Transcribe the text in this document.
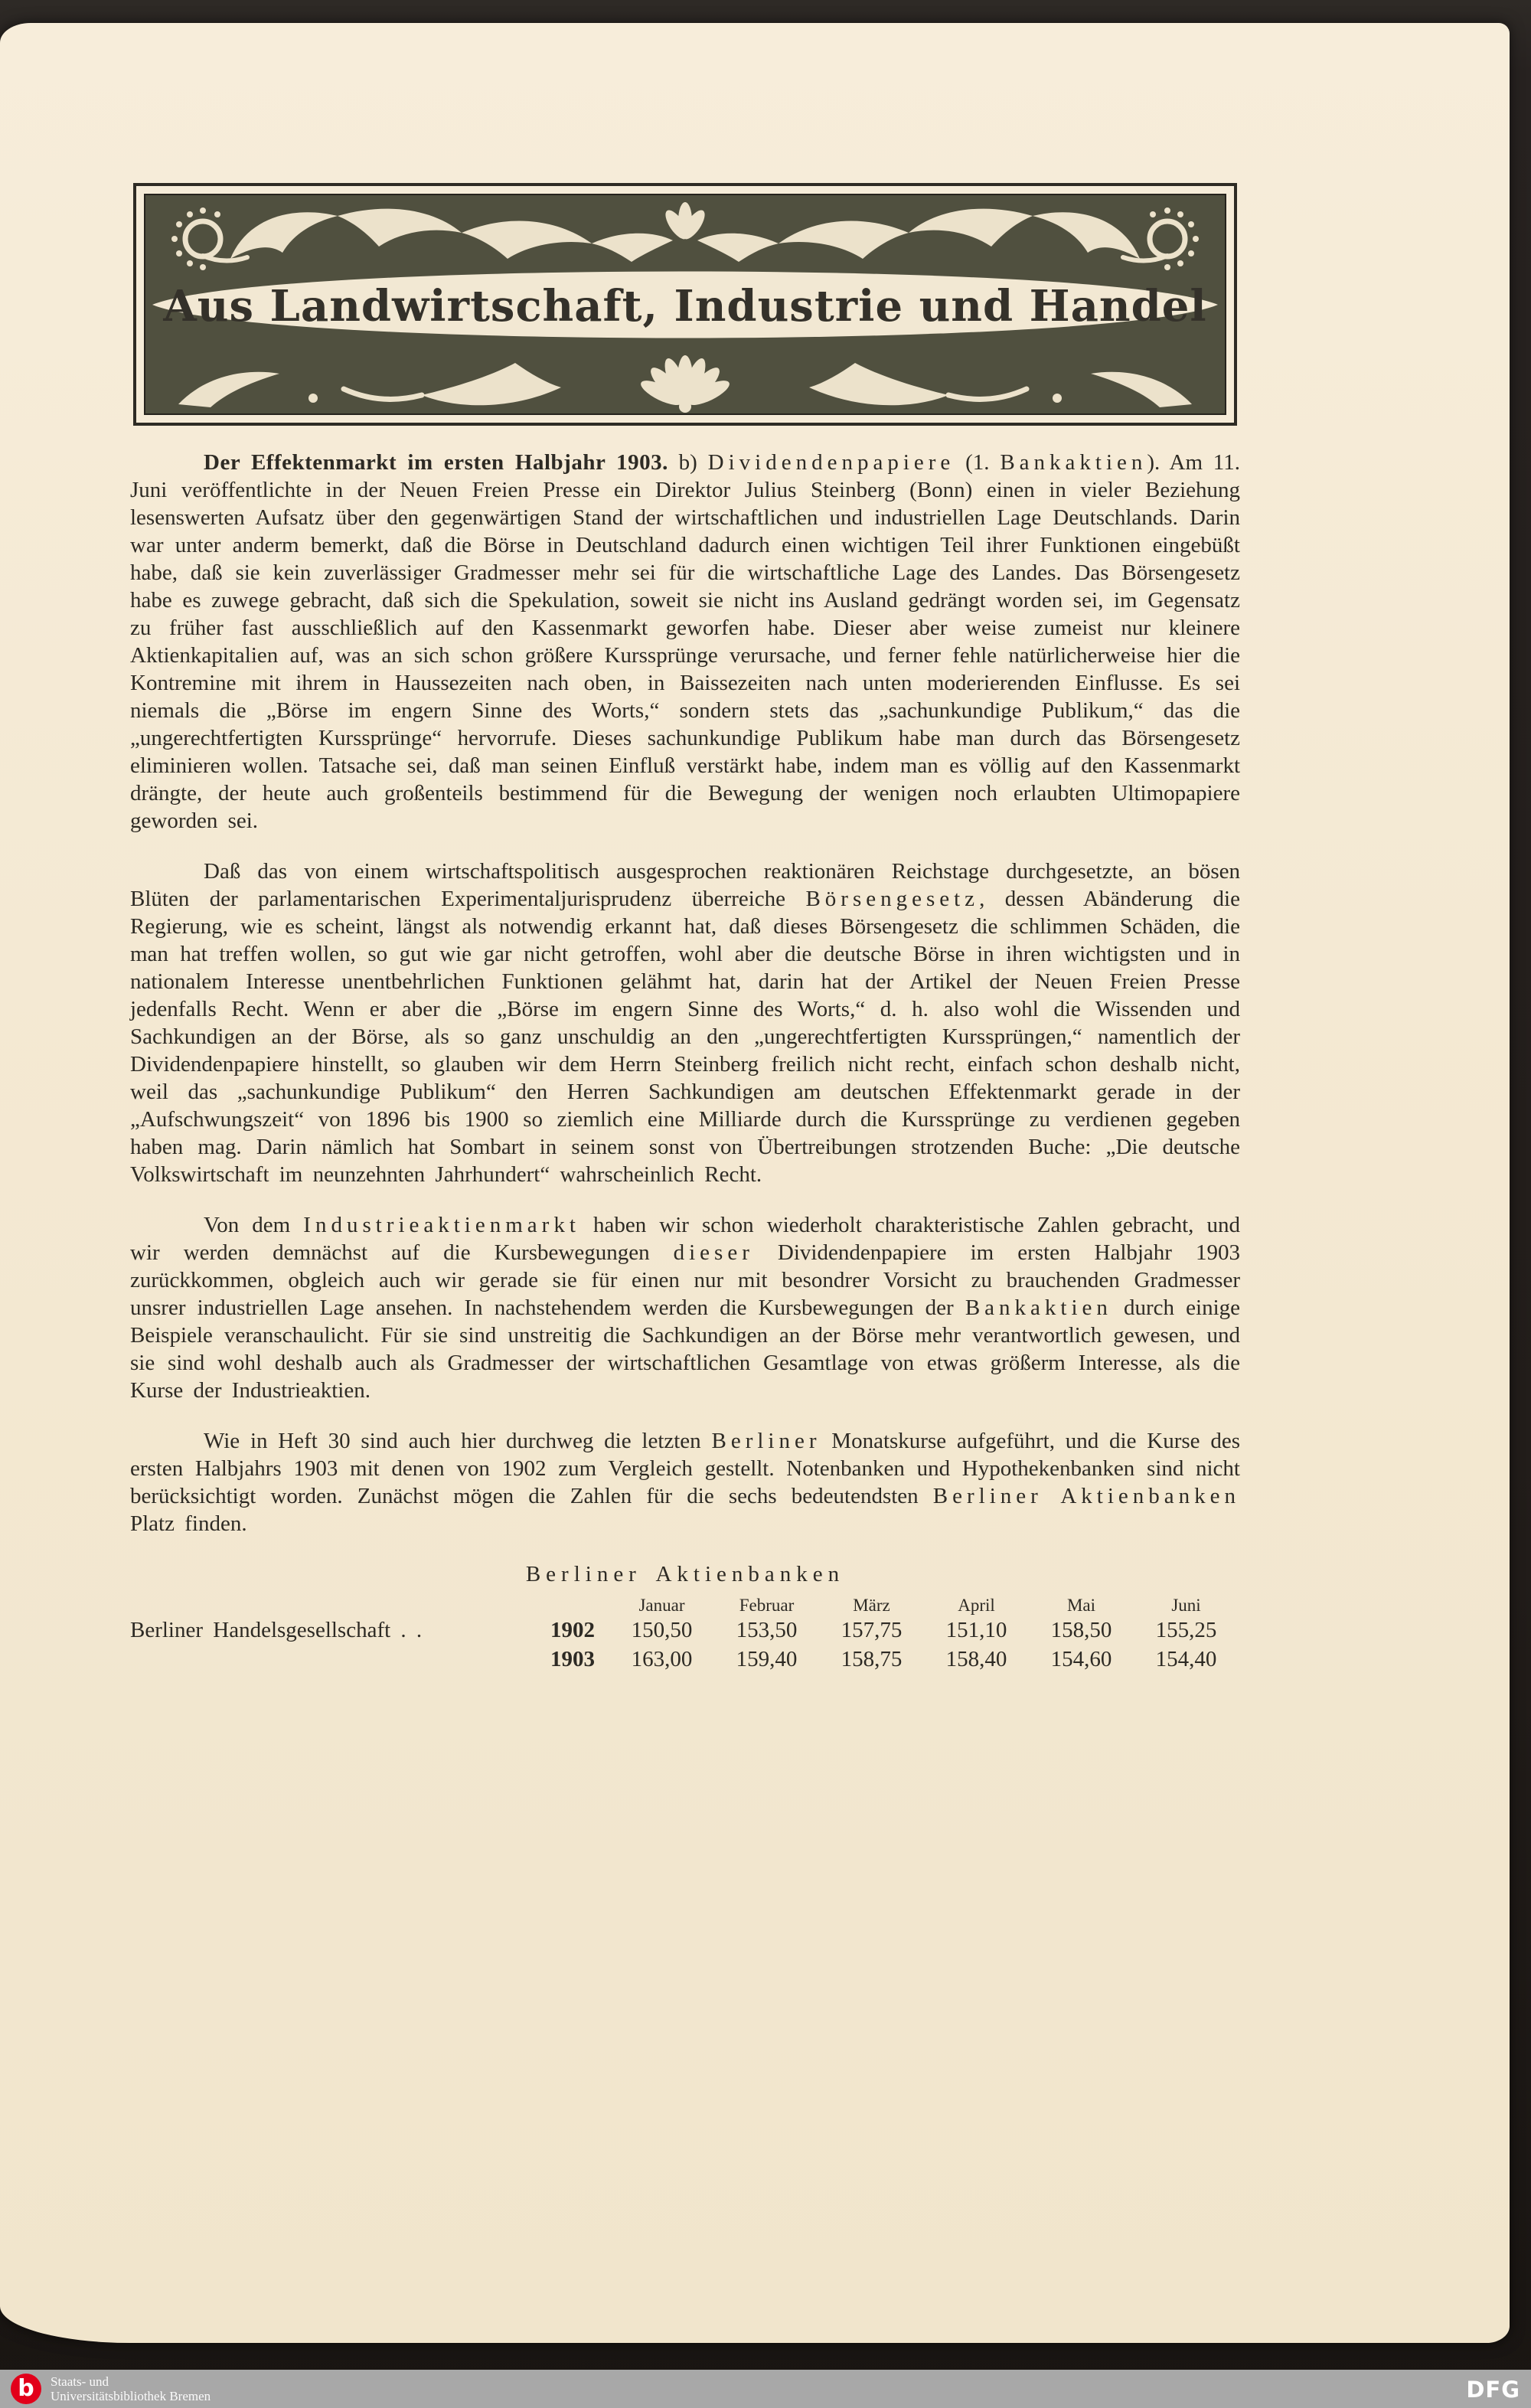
Aus Landwirtschaft, Industrie und Handel

Der Effektenmarkt im ersten Halbjahr 1903. b) Dividendenpapiere (1. Bankaktien). Am 11. Juni veröffentlichte in der Neuen Freien Presse ein Direktor Julius Steinberg (Bonn) einen in vieler Beziehung lesenswerten Aufsatz über den gegenwärtigen Stand der wirtschaftlichen und industriellen Lage Deutschlands. Darin war unter anderm bemerkt, daß die Börse in Deutschland dadurch einen wichtigen Teil ihrer Funktionen eingebüßt habe, daß sie kein zuverlässiger Gradmesser mehr sei für die wirtschaftliche Lage des Landes. Das Börsengesetz habe es zuwege gebracht, daß sich die Spekulation, soweit sie nicht ins Ausland gedrängt worden sei, im Gegensatz zu früher fast ausschließlich auf den Kassenmarkt geworfen habe. Dieser aber weise zumeist nur kleinere Aktienkapitalien auf, was an sich schon größere Kurssprünge verursache, und ferner fehle natürlicherweise hier die Kontremine mit ihrem in Haussezeiten nach oben, in Baissezeiten nach unten moderierenden Einflusse. Es sei niemals die „Börse im engern Sinne des Worts,“ sondern stets das „sachunkundige Publikum,“ das die „ungerechtfertigten Kurssprünge“ hervorrufe. Dieses sachunkundige Publikum habe man durch das Börsengesetz eliminieren wollen. Tatsache sei, daß man seinen Einfluß verstärkt habe, indem man es völlig auf den Kassenmarkt drängte, der heute auch großenteils bestimmend für die Bewegung der wenigen noch erlaubten Ultimopapiere geworden sei.

Daß das von einem wirtschaftspolitisch ausgesprochen reaktionären Reichstage durchgesetzte, an bösen Blüten der parlamentarischen Experimentaljurisprudenz überreiche Börsengesetz, dessen Abänderung die Regierung, wie es scheint, längst als notwendig erkannt hat, daß dieses Börsengesetz die schlimmen Schäden, die man hat treffen wollen, so gut wie gar nicht getroffen, wohl aber die deutsche Börse in ihren wichtigsten und in nationalem Interesse unentbehrlichen Funktionen gelähmt hat, darin hat der Artikel der Neuen Freien Presse jedenfalls Recht. Wenn er aber die „Börse im engern Sinne des Worts,“ d. h. also wohl die Wissenden und Sachkundigen an der Börse, als so ganz unschuldig an den „ungerechtfertigten Kurssprüngen,“ namentlich der Dividendenpapiere hinstellt, so glauben wir dem Herrn Steinberg freilich nicht recht, einfach schon deshalb nicht, weil das „sachunkundige Publikum“ den Herren Sachkundigen am deutschen Effektenmarkt gerade in der „Aufschwungszeit“ von 1896 bis 1900 so ziemlich eine Milliarde durch die Kurssprünge zu verdienen gegeben haben mag. Darin nämlich hat Sombart in seinem sonst von Übertreibungen strotzenden Buche: „Die deutsche Volkswirtschaft im neunzehnten Jahrhundert“ wahrscheinlich Recht.

Von dem Industrieaktienmarkt haben wir schon wiederholt charakteristische Zahlen gebracht, und wir werden demnächst auf die Kursbewegungen dieser Dividendenpapiere im ersten Halbjahr 1903 zurückkommen, obgleich auch wir gerade sie für einen nur mit besondrer Vorsicht zu brauchenden Gradmesser unsrer industriellen Lage ansehen. In nachstehendem werden die Kursbewegungen der Bankaktien durch einige Beispiele veranschaulicht. Für sie sind unstreitig die Sachkundigen an der Börse mehr verantwortlich gewesen, und sie sind wohl deshalb auch als Gradmesser der wirtschaftlichen Gesamtlage von etwas größerm Interesse, als die Kurse der Industrieaktien.

Wie in Heft 30 sind auch hier durchweg die letzten Berliner Monatskurse aufgeführt, und die Kurse des ersten Halbjahrs 1903 mit denen von 1902 zum Vergleich gestellt. Notenbanken und Hypothekenbanken sind nicht berücksichtigt worden. Zunächst mögen die Zahlen für die sechs bedeutendsten Berliner Aktienbanken Platz finden.

Berliner Aktienbanken
Januar	Februar	März	April	Mai	Juni
Berliner Handelsgesellschaft . .	1902	150,50	153,50	157,75	151,10	158,50	155,25
1903	163,00	159,40	158,75	158,40	154,60	154,40
b Staats- und
Universitätsbibliothek Bremen	DFG
